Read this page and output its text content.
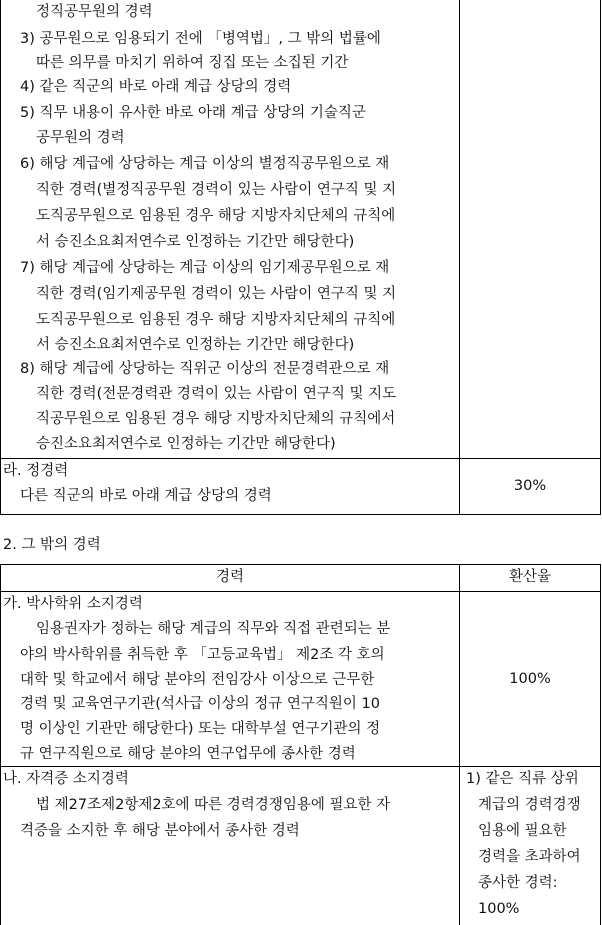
정직공무원의 경력
3) 공무원으로 임용되기 전에 「병역법」, 그 밖의 법률에
따른 의무를 마치기 위하여 징집 또는 소집된 기간
4) 같은 직군의 바로 아래 계급 상당의 경력
5) 직무 내용이 유사한 바로 아래 계급 상당의 기술직군
공무원의 경력
6) 해당 계급에 상당하는 계급 이상의 별정직공무원으로 재
직한 경력(별정직공무원 경력이 있는 사람이 연구직 및 지
도직공무원으로 임용된 경우 해당 지방자치단체의 규칙에
서 승진소요최저연수로 인정하는 기간만 해당한다)
7) 해당 계급에 상당하는 계급 이상의 임기제공무원으로 재
직한 경력(임기제공무원 경력이 있는 사람이 연구직 및 지
도직공무원으로 임용된 경우 해당 지방자치단체의 규칙에
서 승진소요최저연수로 인정하는 기간만 해당한다)
8) 해당 계급에 상당하는 직위군 이상의 전문경력관으로 재
직한 경력(전문경력관 경력이 있는 사람이 연구직 및 지도
직공무원으로 임용된 경우 해당 지방자치단체의 규칙에서
승진소요최저연수로 인정하는 기간만 해당한다)
라. 정경력
다른 직군의 바로 아래 계급 상당의 경력
30%
2. 그 밖의 경력
경력	환산율
가. 박사학위 소지경력
임용권자가 정하는 해당 계급의 직무와 직접 관련되는 분
야의 박사학위를 취득한 후 「고등교육법」 제2조 각 호의
대학 및 학교에서 해당 분야의 전임강사 이상으로 근무한
경력 및 교육연구기관(석사급 이상의 정규 연구직원이 10
명 이상인 기관만 해당한다) 또는 대학부설 연구기관의 정
규 연구직원으로 해당 분야의 연구업무에 종사한 경력
100%
나. 자격증 소지경력
법 제27조제2항제2호에 따른 경력경쟁임용에 필요한 자
격증을 소지한 후 해당 분야에서 종사한 경력
1) 같은 직류 상위
계급의 경력경쟁
임용에 필요한
경력을 초과하여
종사한 경력:
100%
